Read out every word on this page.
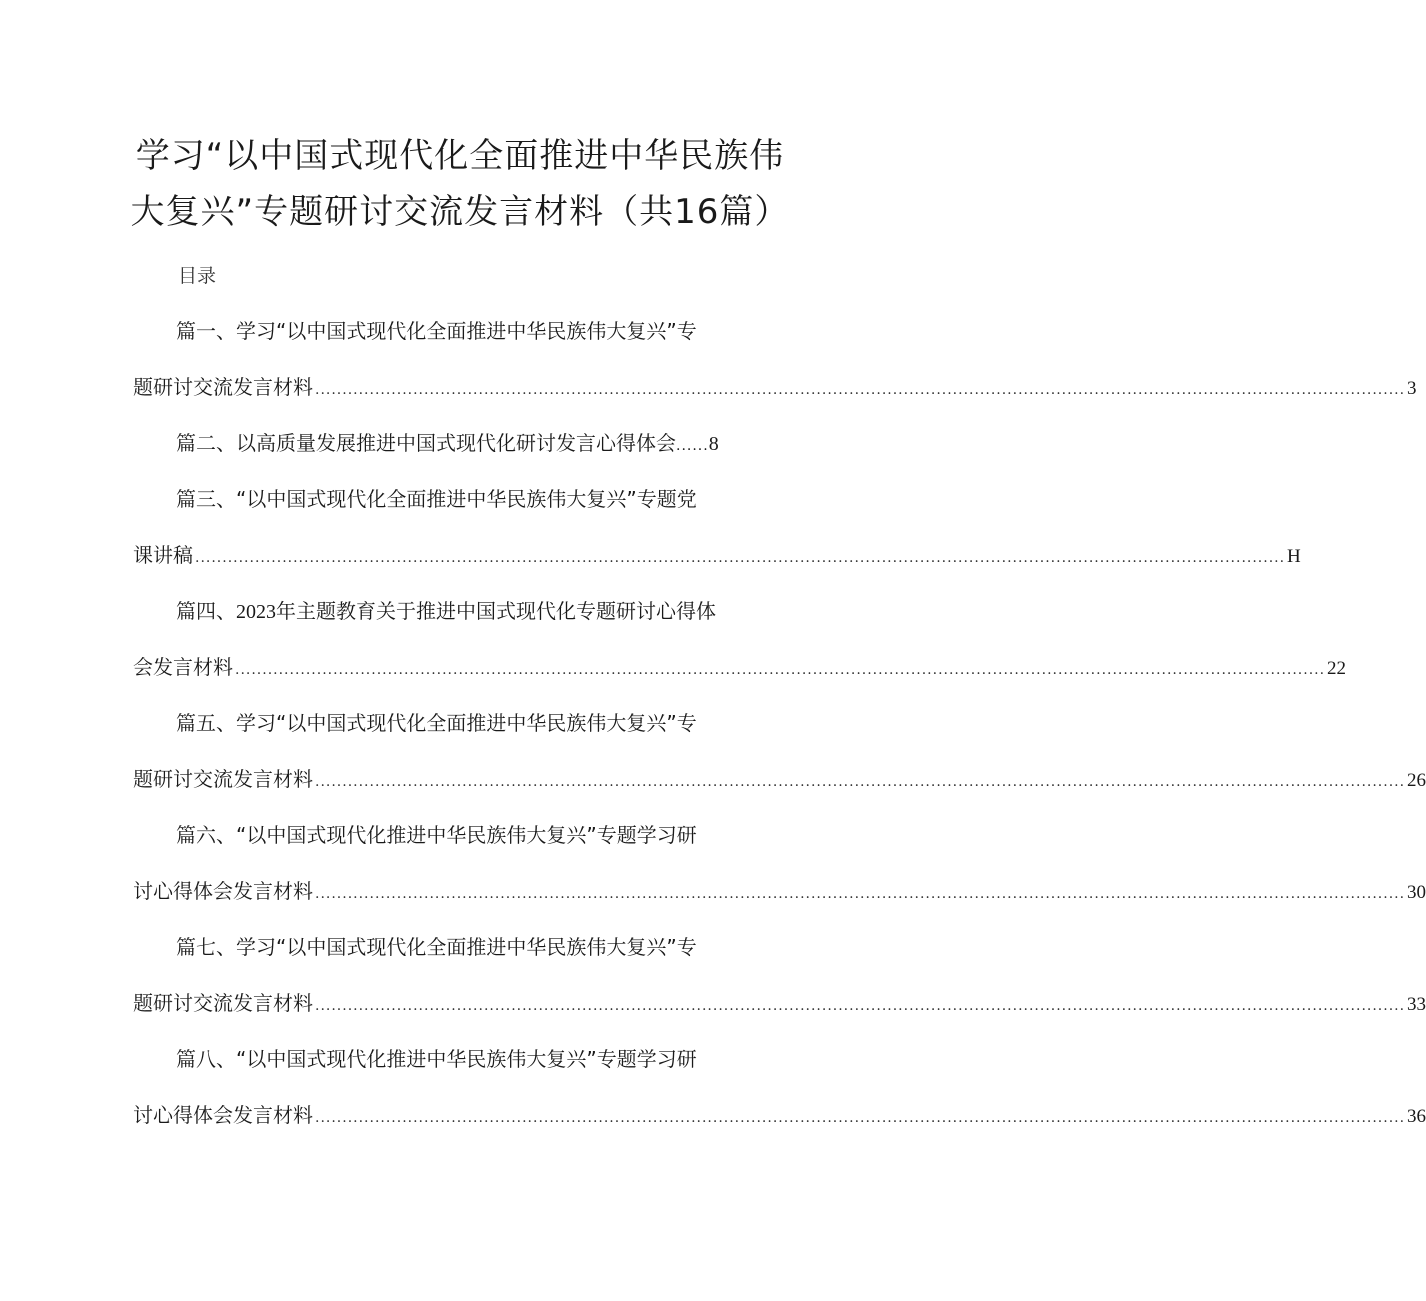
学习“以中国式现代化全面推进中华民族伟
大复兴”专题研讨交流发言材料（共16篇）
目录
篇一、学习“以中国式现代化全面推进中华民族伟大复兴”专
题研讨交流发言材料 ........................................................................................................................................................................................................ 3
篇二、以高质量发展推进中国式现代化研讨发言心得体会......8
篇三、“以中国式现代化全面推进中华民族伟大复兴”专题党
课讲稿 ........................................................................................................................................................................................................ H
篇四、2023年主题教育关于推进中国式现代化专题研讨心得体
会发言材料 ........................................................................................................................................................................................................ 22
篇五、学习“以中国式现代化全面推进中华民族伟大复兴”专
题研讨交流发言材料 ........................................................................................................................................................................................................ 26
篇六、“以中国式现代化推进中华民族伟大复兴”专题学习研
讨心得体会发言材料 ........................................................................................................................................................................................................ 30
篇七、学习“以中国式现代化全面推进中华民族伟大复兴”专
题研讨交流发言材料 ........................................................................................................................................................................................................ 33
篇八、“以中国式现代化推进中华民族伟大复兴”专题学习研
讨心得体会发言材料 ........................................................................................................................................................................................................ 36
